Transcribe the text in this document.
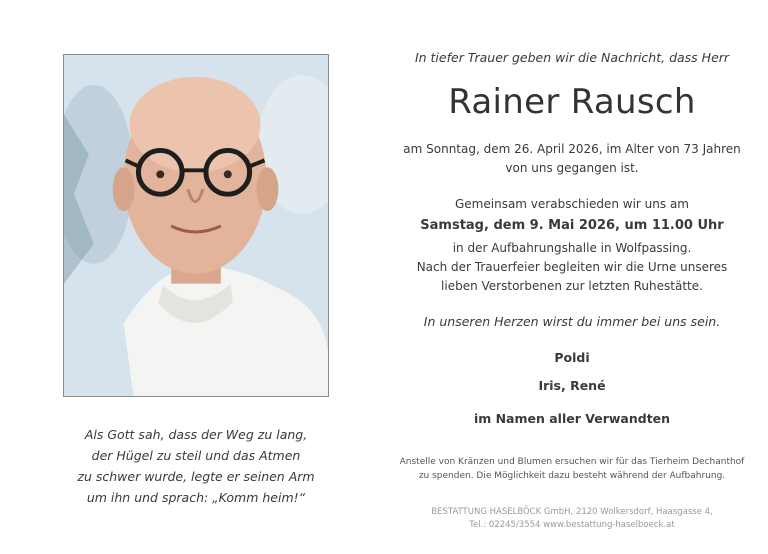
Als Gott sah, dass der Weg zu lang,
der Hügel zu steil und das Atmen
zu schwer wurde, legte er seinen Arm
um ihn und sprach: „Komm heim!“
In tiefer Trauer geben wir die Nachricht, dass Herr
Rainer Rausch
am Sonntag, dem 26. April 2026, im Alter von 73 Jahren
von uns gegangen ist.
Gemeinsam verabschieden wir uns am
Samstag, dem 9. Mai 2026, um 11.00 Uhr
in der Aufbahrungshalle in Wolfpassing.
Nach der Trauerfeier begleiten wir die Urne unseres
lieben Verstorbenen zur letzten Ruhestätte.
In unseren Herzen wirst du immer bei uns sein.
Poldi
Iris, René
im Namen aller Verwandten
Anstelle von Kränzen und Blumen ersuchen wir für das Tierheim Dechanthof
zu spenden. Die Möglichkeit dazu besteht während der Aufbahrung.
BESTATTUNG HASELBÖCK GmbH, 2120 Wolkersdorf, Haasgasse 4,
Tel.: 02245/3554 www.bestattung-haselboeck.at
